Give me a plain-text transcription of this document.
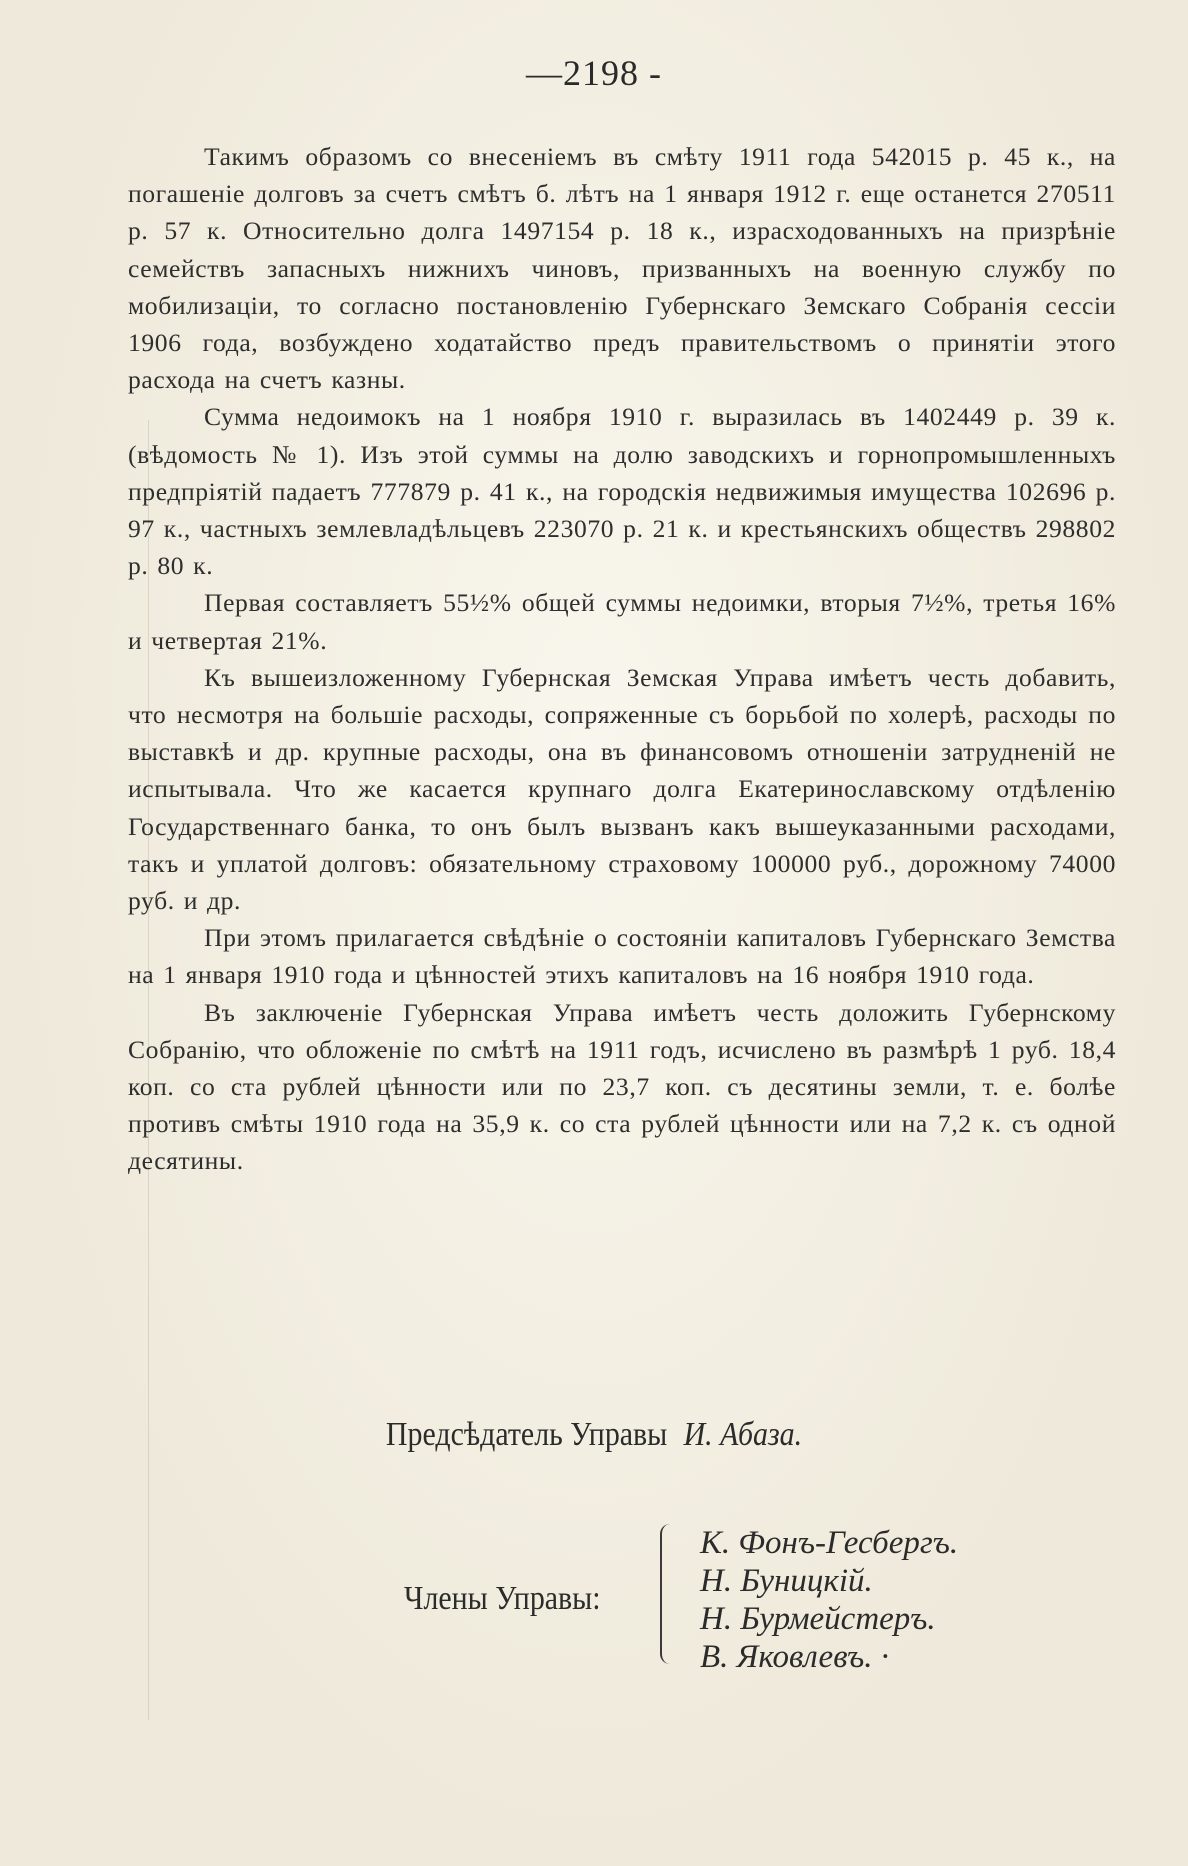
—2198 -

Такимъ образомъ со внесеніемъ въ смѣту 1911 года 542015 р. 45 к., на погашеніе долговъ за счетъ смѣтъ б. лѣтъ на 1 января 1912 г. еще останется 270511 р. 57 к. Относительно долга 1497154 р. 18 к., израсходованныхъ на призрѣніе семействъ запасныхъ нижнихъ чиновъ, призванныхъ на военную службу по мобилизаціи, то согласно постановленію Губернскаго Земскаго Собранія сессіи 1906 года, возбуждено ходатайство предъ правительствомъ о принятіи этого расхода на счетъ казны.

Сумма недоимокъ на 1 ноября 1910 г. выразилась въ 1402449 р. 39 к. (вѣдомость № 1). Изъ этой суммы на долю заводскихъ и горнопромышленныхъ предпріятій падаетъ 777879 р. 41 к., на городскія недвижимыя имущества 102696 р. 97 к., частныхъ землевладѣльцевъ 223070 р. 21 к. и крестьянскихъ обществъ 298802 р. 80 к.

Первая составляетъ 55½% общей суммы недоимки, вторыя 7½%, третья 16% и четвертая 21%.

Къ вышеизложенному Губернская Земская Управа имѣетъ честь добавить, что несмотря на большіе расходы, сопряженные съ борьбой по холерѣ, расходы по выставкѣ и др. крупные расходы, она въ финансовомъ отношеніи затрудненій не испытывала. Что же касается крупнаго долга Екатеринославскому отдѣленію Государственнаго банка, то онъ былъ вызванъ какъ вышеуказанными расходами, такъ и уплатой долговъ: обязательному страховому 100000 руб., дорожному 74000 руб. и др.

При этомъ прилагается свѣдѣніе о состояніи капиталовъ Губернскаго Земства на 1 января 1910 года и цѣнностей этихъ капиталовъ на 16 ноября 1910 года.

Въ заключеніе Губернская Управа имѣетъ честь доложить Губернскому Собранію, что обложеніе по смѣтѣ на 1911 годъ, исчислено въ размѣрѣ 1 руб. 18,4 коп. со ста рублей цѣнности или по 23,7 коп. съ десятины земли, т. е. болѣе противъ смѣты 1910 года на 35,9 к. со ста рублей цѣнности или на 7,2 к. съ одной десятины.

Предсѣдатель Управы И. Абаза.
Члены Управы:
К. Фонъ-Гесбергъ.
Н. Буницкій.
Н. Бурмейстеръ.
В. Яковлевъ. ·
